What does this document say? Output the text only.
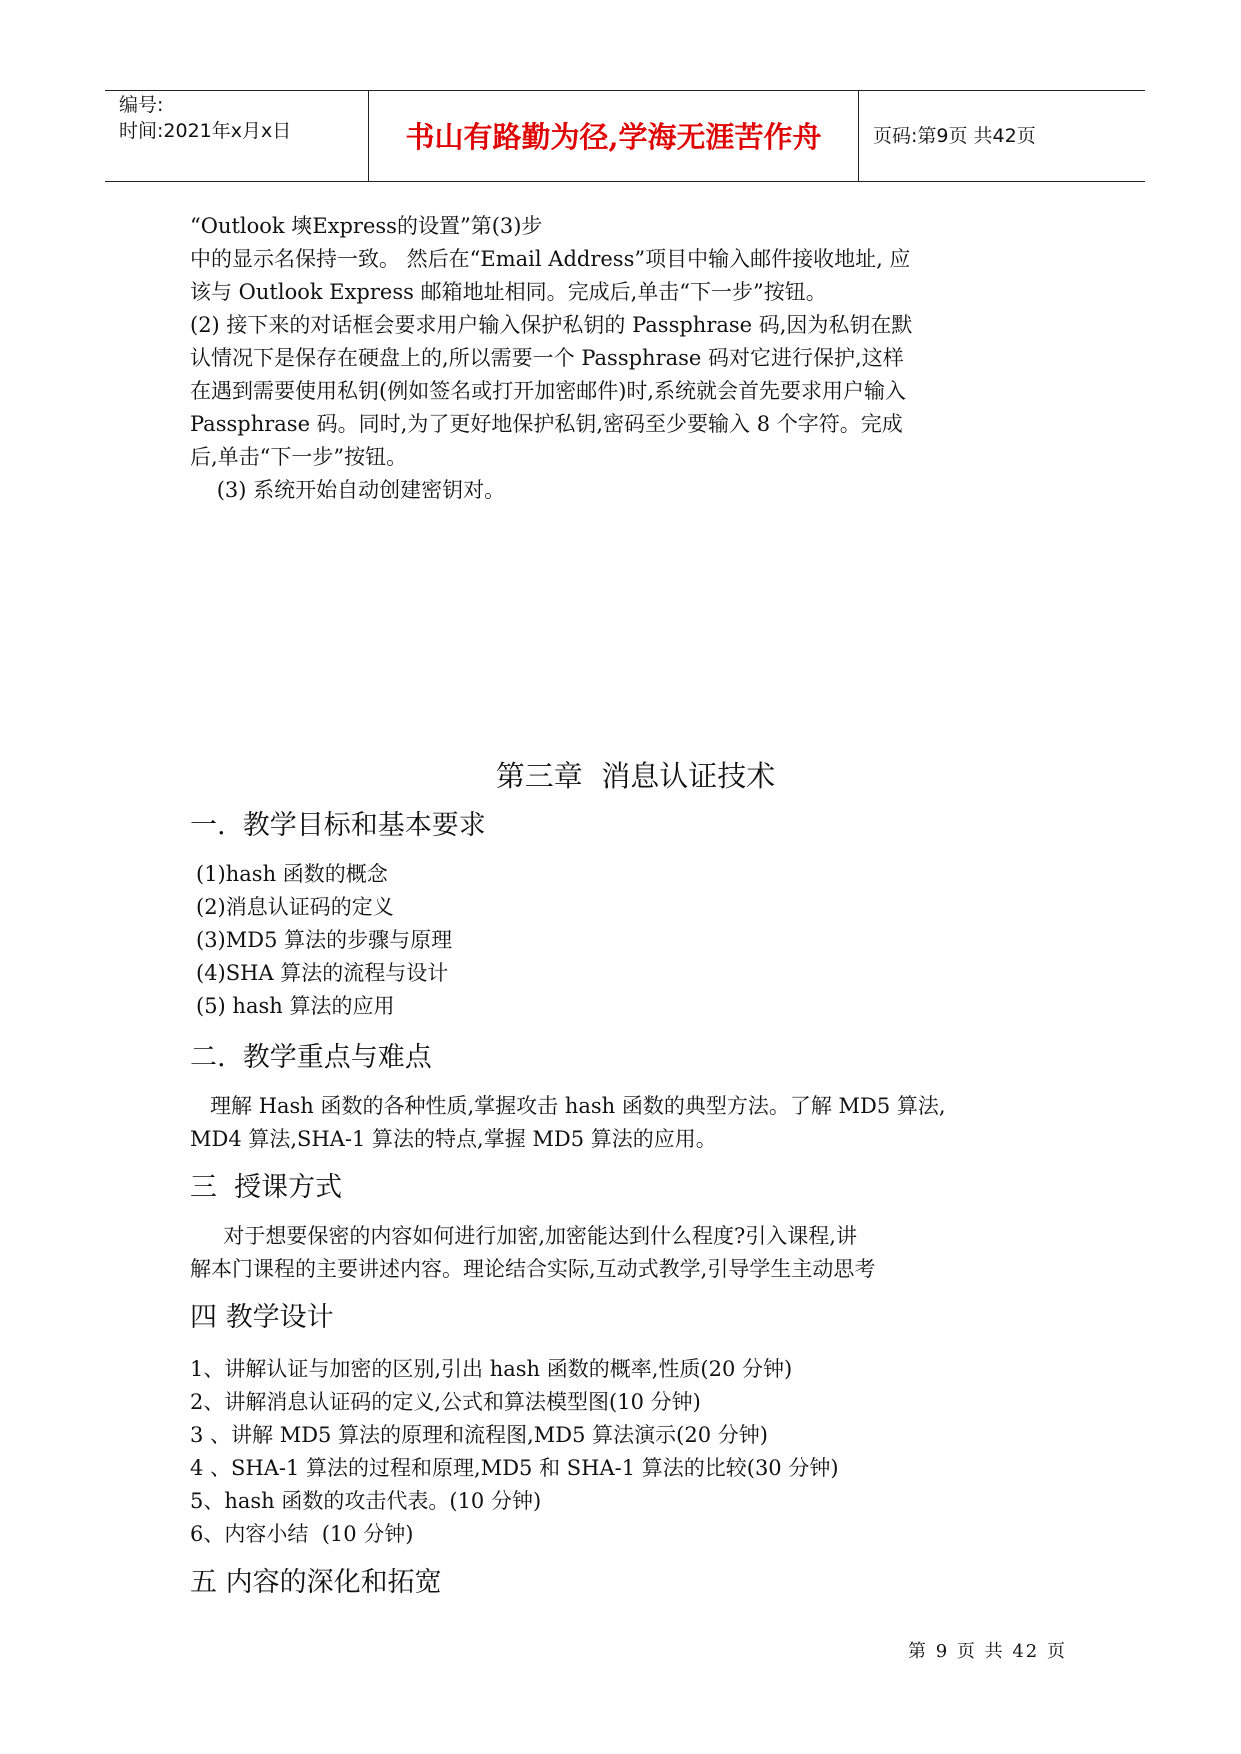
编号:
时间:2021年x月x日	书山有路勤为径,学海无涯苦作舟	页码:第9页 共42页
“Outlook 塽Express的设置”第(3)步
中的显示名保持一致。 然后在“Email Address”项目中输入邮件接收地址, 应
该与 Outlook Express 邮箱地址相同。完成后,单击“下一步”按钮。
(2) 接下来的对话框会要求用户输入保护私钥的 Passphrase 码,因为私钥在默
认情况下是保存在硬盘上的,所以需要一个 Passphrase 码对它进行保护,这样
在遇到需要使用私钥(例如签名或打开加密邮件)时,系统就会首先要求用户输入
Passphrase 码。同时,为了更好地保护私钥,密码至少要输入 8 个字符。完成
后,单击“下一步”按钮。
(3) 系统开始自动创建密钥对。
第三章  消息认证技术
一.  教学目标和基本要求
(1)hash 函数的概念
(2)消息认证码的定义
(3)MD5 算法的步骤与原理
(4)SHA 算法的流程与设计
(5) hash 算法的应用
二.  教学重点与难点
理解 Hash 函数的各种性质,掌握攻击 hash 函数的典型方法。了解 MD5 算法,
MD4 算法,SHA-1 算法的特点,掌握 MD5 算法的应用。
三  授课方式
对于想要保密的内容如何进行加密,加密能达到什么程度?引入课程,讲
解本门课程的主要讲述内容。理论结合实际,互动式教学,引导学生主动思考
四 教学设计
1、讲解认证与加密的区别,引出 hash 函数的概率,性质(20 分钟)
2、讲解消息认证码的定义,公式和算法模型图(10 分钟)
3 、讲解 MD5 算法的原理和流程图,MD5 算法演示(20 分钟)
4 、SHA-1 算法的过程和原理,MD5 和 SHA-1 算法的比较(30 分钟)
5、hash 函数的攻击代表。(10 分钟)
6、内容小结  (10 分钟)
五 内容的深化和拓宽
第 9 页 共 42 页
